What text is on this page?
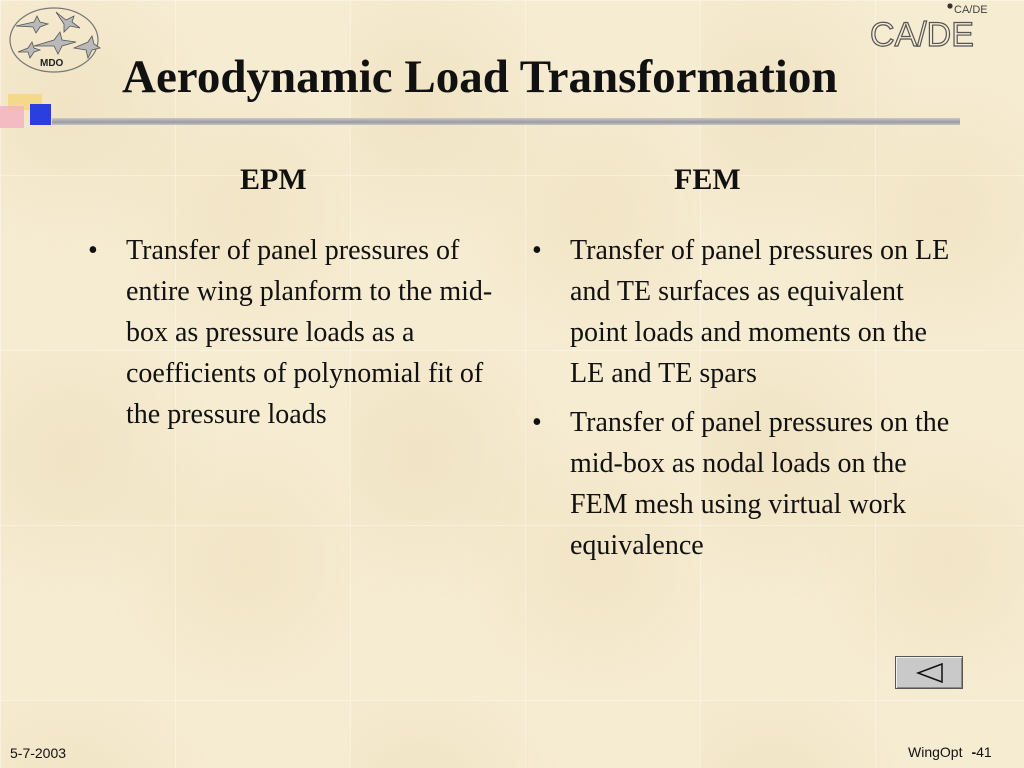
MDO
CA/DE
CA/DE
Aerodynamic Load Transformation
EPM	FEM
• Transfer of panel pressures of entire wing planform to the mid-box as pressure loads as a coefficients of polynomial fit of the pressure loads
• Transfer of panel pressures on LE and TE surfaces as equivalent point loads and moments on the LE and TE spars
• Transfer of panel pressures on the mid-box as nodal loads on the FEM mesh using virtual work equivalence
5-7-2003	WingOpt -41
